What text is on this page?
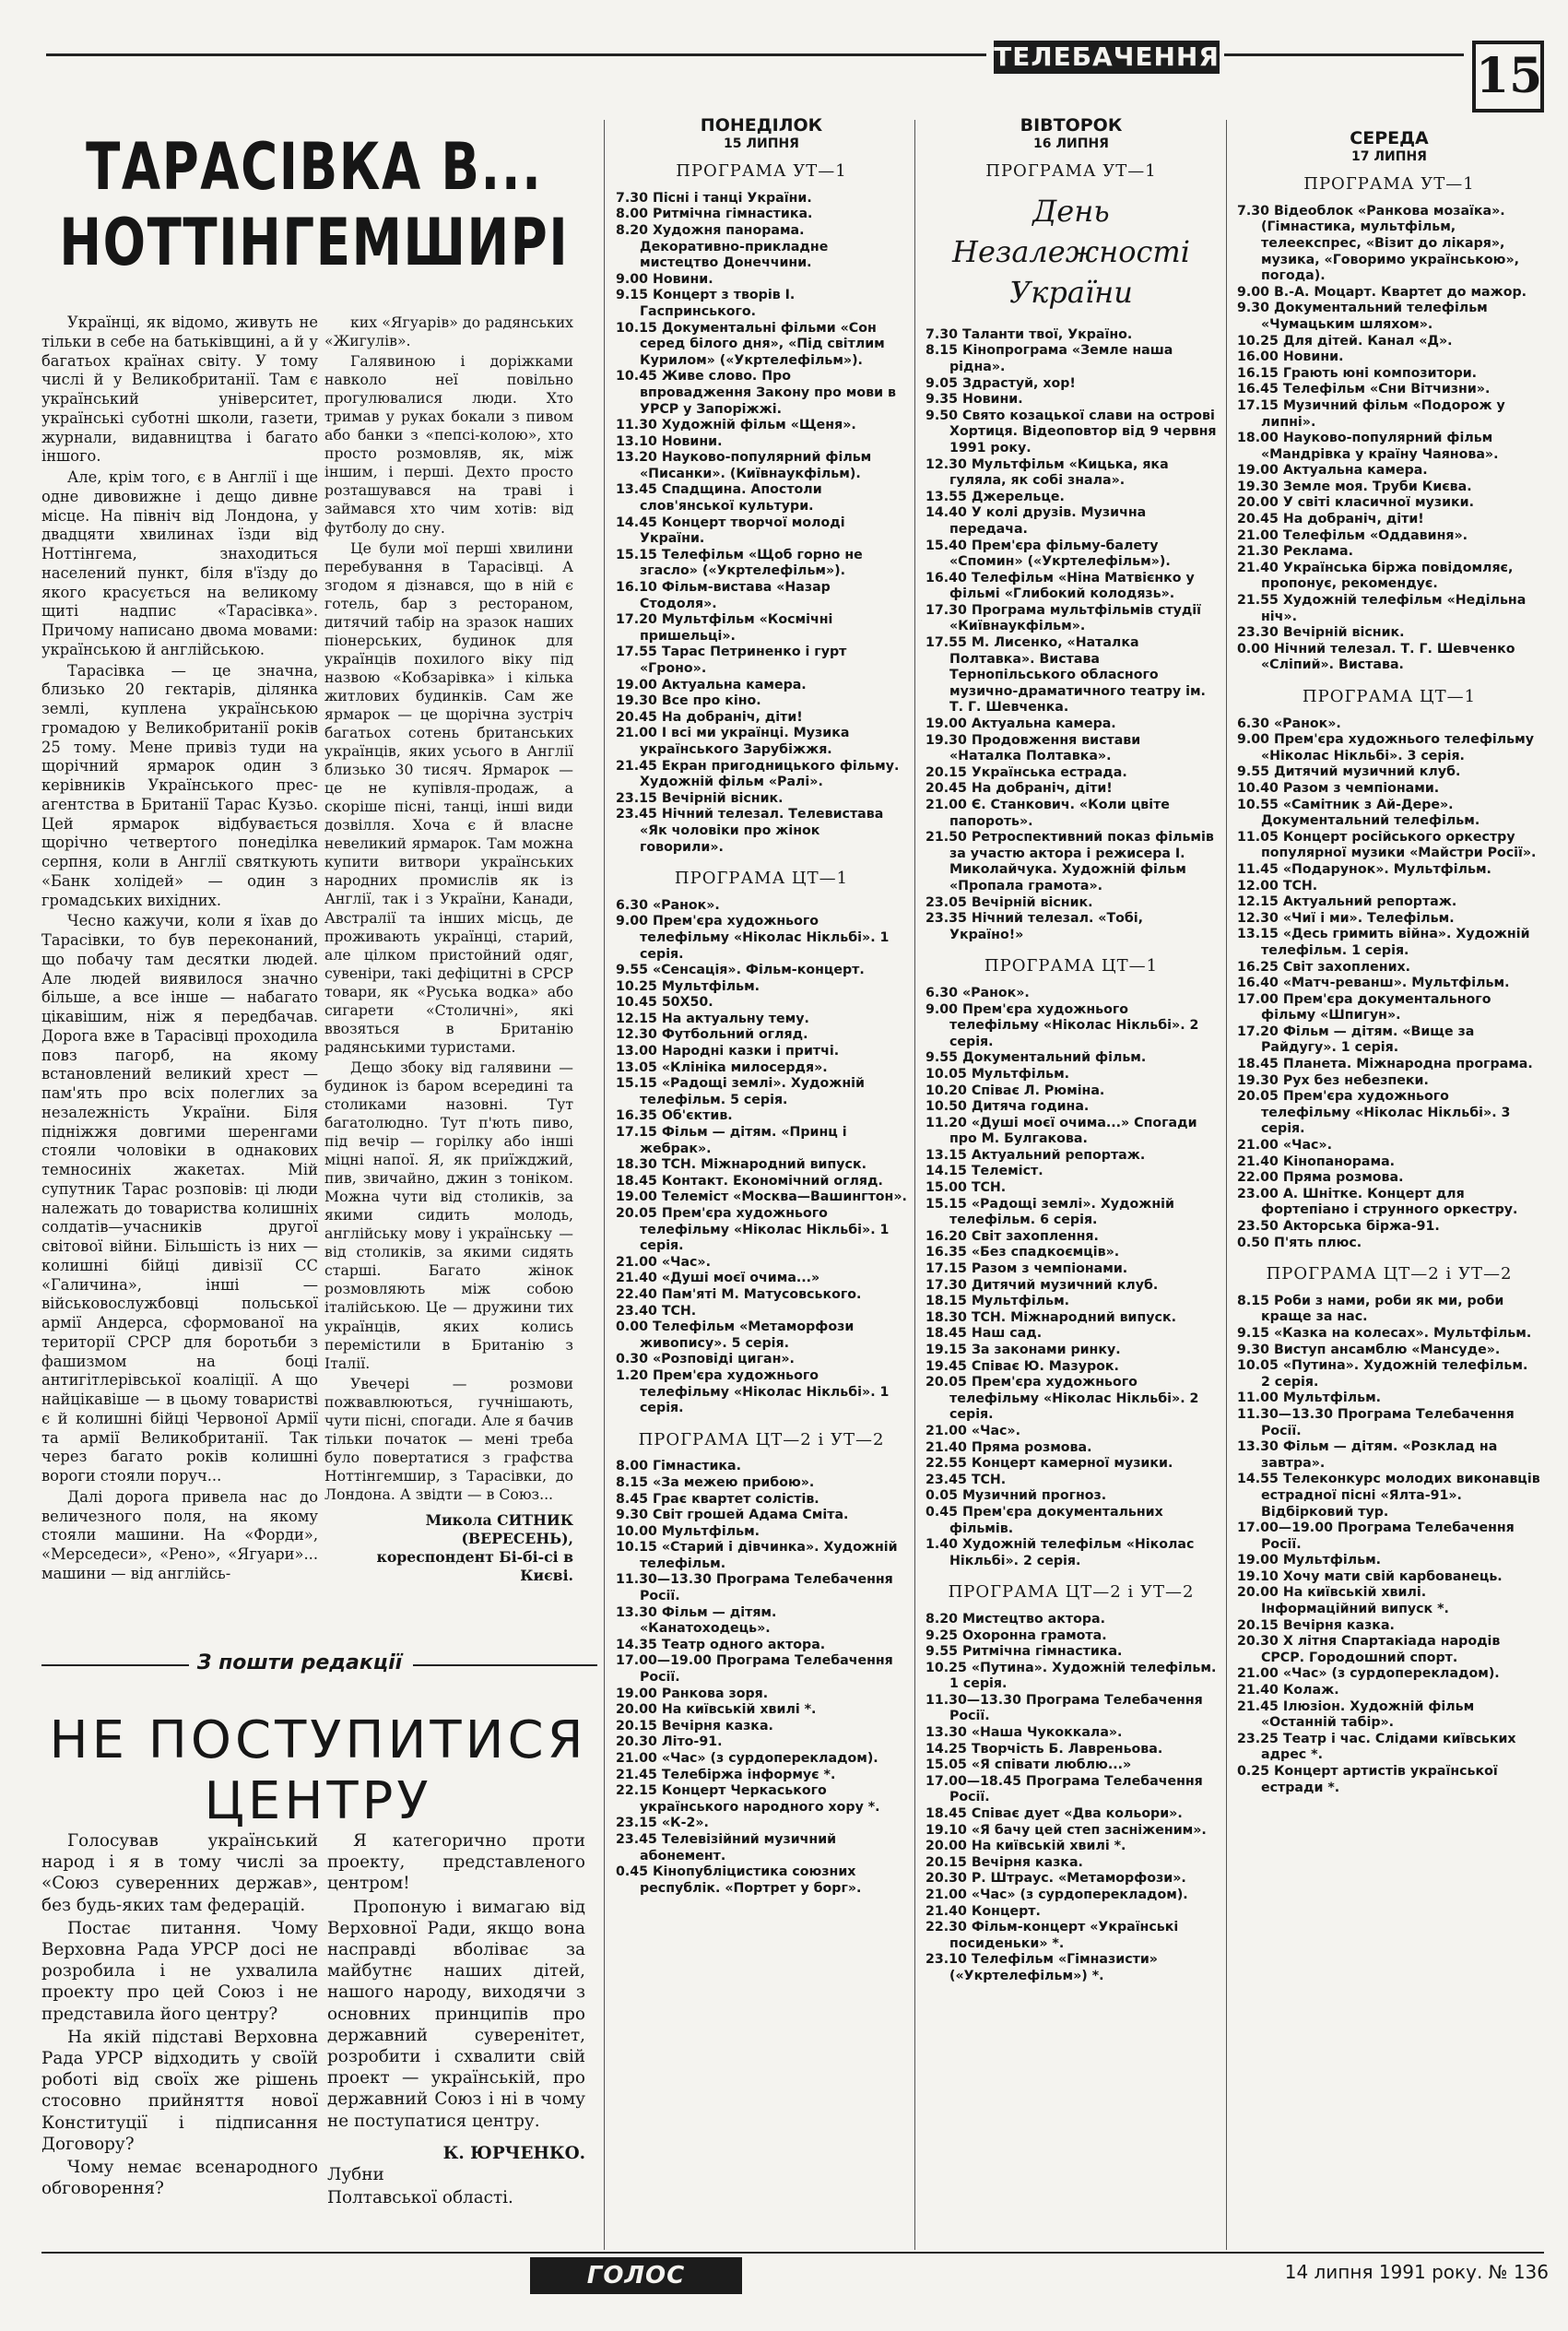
ТЕЛЕБАЧЕННЯ	15
ТАРАСІВКА В...
НОТТІНГЕМШИРІ

Українці, як відомо, живуть не тільки в себе на батьківщині, а й у багатьох країнах світу. У тому числі й у Великобританії. Там є український університет, українські суботні школи, газети, журнали, видавництва і багато іншого.

Але, крім того, є в Англії і ще одне дивовижне і дещо дивне місце. На північ від Лондона, у двадцяти хвилинах їзди від Ноттінгема, знаходиться населений пункт, біля в'їзду до якого красується на великому щиті надпис «Тарасівка». Причому написано двома мовами: українською й англійською.

Тарасівка — це значна, близько 20 гектарів, ділянка землі, куплена українською громадою у Великобританії років 25 тому. Мене привіз туди на щорічний ярмарок один з керівників Українського прес-агентства в Британії Тарас Кузьо. Цей ярмарок відбувається щорічно четвертого понеділка серпня, коли в Англії святкують «Банк холідей» — один з громадських вихідних.

Чесно кажучи, коли я їхав до Тарасівки, то був переконаний, що побачу там десятки людей. Але людей виявилося значно більше, а все інше — набагато цікавішим, ніж я передбачав. Дорога вже в Тарасівці проходила повз пагорб, на якому встановлений великий хрест — пам'ять про всіх полеглих за незалежність України. Біля підніжжя довгими шеренгами стояли чоловіки в однакових темносиніх жакетах. Мій супутник Тарас розповів: ці люди належать до товариства колишніх солдатів—учасників другої світової війни. Більшість із них — колишні бійці дивізії СС «Галичина», інші — військовослужбовці польської армії Андерса, сформованої на території СРСР для боротьби з фашизмом на боці антигітлерівської коаліції. А що найцікавіше — в цьому товаристві є й колишні бійці Червоної Армії та армії Великобританії. Так через багато років колишні вороги стояли поруч...

Далі дорога привела нас до величезного поля, на якому стояли машини. На «Форди», «Мерседеси», «Рено», «Ягуари»... машини — від англійсь-

ких «Ягуарів» до радянських «Жигулів».

Галявиною і доріжками навколо неї повільно прогулювалися люди. Хто тримав у руках бокали з пивом або банки з «пепсі-колою», хто просто розмовляв, як, між іншим, і перші. Дехто просто розташувався на траві і займався хто чим хотів: від футболу до сну.

Це були мої перші хвилини перебування в Тарасівці. А згодом я дізнався, що в ній є готель, бар з рестораном, дитячий табір на зразок наших піонерських, будинок для українців похилого віку під назвою «Кобзарівка» і кілька житлових будинків. Сам же ярмарок — це щорічна зустріч багатьох сотень британських українців, яких усього в Англії близько 30 тисяч. Ярмарок — це не купівля-продаж, а скоріше пісні, танці, інші види дозвілля. Хоча є й власне невеликий ярмарок. Там можна купити витвори українських народних промислів як із Англії, так і з України, Канади, Австралії та інших місць, де проживають українці, старий, але цілком пристойний одяг, сувеніри, такі дефіцитні в СРСР товари, як «Руська водка» або сигарети «Столичні», які ввозяться в Британію радянськими туристами.

Дещо збоку від галявини — будинок із баром всередині та столиками назовні. Тут багатолюдно. Тут п'ють пиво, під вечір — горілку або інші міцні напої. Я, як приїжджий, пив, звичайно, джин з тоніком. Можна чути від столиків, за якими сидить молодь, англійську мову і українську — від столиків, за якими сидять старші. Багато жінок розмовляють між собою італійською. Це — дружини тих українців, яких колись перемістили в Британію з Італії.

Увечері — розмови пожвавлюються, гучнішають, чути пісні, спогади. Але я бачив тільки початок — мені треба було повертатися з графства Ноттінгемшир, з Тарасівки, до Лондона. А звідти — в Союз...

Микола СИТНИК (ВЕРЕСЕНЬ),
кореспондент Бі-бі-сі в Києві.
З пошти редакції
НЕ ПОСТУПИТИСЯ
ЦЕНТРУ

Голосував український народ і я в тому числі за «Союз суверенних держав», без будь-яких там федерацій.

Постає питання. Чому Верховна Рада УРСР досі не розробила і не ухвалила проекту про цей Союз і не представила його центру?

На якій підставі Верховна Рада УРСР відходить у своїй роботі від своїх же рішень стосовно прийняття нової Конституції і підписання Договору?

Чому немає всенародного обговорення?

Я категорично проти проекту, представленого центром!

Пропоную і вимагаю від Верховної Ради, якщо вона насправді вболіває за майбутнє наших дітей, нашого народу, виходячи з основних принципів про державний суверенітет, розробити і схвалити свій проект — українській, про державний Союз і ні в чому не поступатися центру.

К. ЮРЧЕНКО.

Лубни

Полтавської області.

ПОНЕДІЛОК
15 ЛИПНЯ
ПРОГРАМА УТ—1
7.30 Пісні і танці України.
8.00 Ритмічна гімнастика.
8.20 Художня панорама. Декоративно-прикладне мистецтво Донеччини.
9.00 Новини.
9.15 Концерт з творів І. Гаспринського.
10.15 Документальні фільми «Сон серед білого дня», «Під світлим Курилом» («Укртелефільм»).
10.45 Живе слово. Про впровадження Закону про мови в УРСР у Запоріжжі.
11.30 Художній фільм «Щеня».
13.10 Новини.
13.20 Науково-популярний фільм «Писанки». (Київнаукфільм).
13.45 Спадщина. Апостоли слов'янської культури.
14.45 Концерт творчої молоді України.
15.15 Телефільм «Щоб горно не згасло» («Укртелефільм»).
16.10 Фільм-вистава «Назар Стодоля».
17.20 Мультфільм «Космічні пришельці».
17.55 Тарас Петриненко і гурт «Гроно».
19.00 Актуальна камера.
19.30 Все про кіно.
20.45 На добраніч, діти!
21.00 І всі ми українці. Музика українського Зарубіжжя.
21.45 Екран пригодницького фільму. Художній фільм «Ралі».
23.15 Вечірній вісник.
23.45 Нічний телезал. Телевистава «Як чоловіки про жінок говорили».
ПРОГРАМА ЦТ—1
6.30 «Ранок».
9.00 Прем'єра художнього телефільму «Ніколас Нікльбі». 1 серія.
9.55 «Сенсація». Фільм-концерт.
10.25 Мультфільм.
10.45 50Х50.
12.15 На актуальну тему.
12.30 Футбольний огляд.
13.00 Народні казки і притчі.
13.05 «Клініка милосердя».
15.15 «Радощі землі». Художній телефільм. 5 серія.
16.35 Об'єктив.
17.15 Фільм — дітям. «Принц і жебрак».
18.30 ТСН. Міжнародний випуск.
18.45 Контакт. Економічний огляд.
19.00 Телеміст «Москва—Вашингтон».
20.05 Прем'єра художнього телефільму «Ніколас Нікльбі». 1 серія.
21.00 «Час».
21.40 «Душі моєї очима...»
22.40 Пам'яті М. Матусовського.
23.40 ТСН.
0.00 Телефільм «Метаморфози живопису». 5 серія.
0.30 «Розповіді циган».
1.20 Прем'єра художнього телефільму «Ніколас Нікльбі». 1 серія.
ПРОГРАМА ЦТ—2 і УТ—2
8.00 Гімнастика.
8.15 «За межею прибою».
8.45 Грає квартет солістів.
9.30 Світ грошей Адама Сміта.
10.00 Мультфільм.
10.15 «Старий і дівчинка». Художній телефільм.
11.30—13.30 Програма Телебачення Росії.
13.30 Фільм — дітям. «Канатоходець».
14.35 Театр одного актора.
17.00—19.00 Програма Телебачення Росії.
19.00 Ранкова зоря.
20.00 На київській хвилі *.
20.15 Вечірня казка.
20.30 Літо-91.
21.00 «Час» (з сурдоперекладом).
21.45 Телебіржа інформує *.
22.15 Концерт Черкаського українського народного хору *.
23.15 «К-2».
23.45 Телевізійний музичний абонемент.
0.45 Кінопубліцистика союзних республік. «Портрет у борг».
ВІВТОРОК
16 ЛИПНЯ
ПРОГРАМА УТ—1
День Незалежності
України
7.30 Таланти твої, Україно.
8.15 Кінопрограма «Земле наша рідна».
9.05 Здрастуй, хор!
9.35 Новини.
9.50 Свято козацької слави на острові Хортиця. Відеоповтор від 9 червня 1991 року.
12.30 Мультфільм «Кицька, яка гуляла, як собі знала».
13.55 Джерельце.
14.40 У колі друзів. Музична передача.
15.40 Прем'єра фільму-балету «Спомин» («Укртелефільм»).
16.40 Телефільм «Ніна Матвієнко у фільмі «Глибокий колодязь».
17.30 Програма мультфільмів студії «Київнаукфільм».
17.55 М. Лисенко, «Наталка Полтавка». Вистава Тернопільського обласного музично-драматичного театру ім. Т. Г. Шевченка.
19.00 Актуальна камера.
19.30 Продовження вистави «Наталка Полтавка».
20.15 Українська естрада.
20.45 На добраніч, діти!
21.00 Є. Станкович. «Коли цвіте папороть».
21.50 Ретроспективний показ фільмів за участю актора і режисера І. Миколайчука. Художній фільм «Пропала грамота».
23.05 Вечірній вісник.
23.35 Нічний телезал. «Тобі, Україно!»
ПРОГРАМА ЦТ—1
6.30 «Ранок».
9.00 Прем'єра художнього телефільму «Ніколас Нікльбі». 2 серія.
9.55 Документальний фільм.
10.05 Мультфільм.
10.20 Співає Л. Рюміна.
10.50 Дитяча година.
11.20 «Душі моєї очима...» Спогади про М. Булгакова.
13.15 Актуальний репортаж.
14.15 Телеміст.
15.00 ТСН.
15.15 «Радощі землі». Художній телефільм. 6 серія.
16.20 Світ захоплення.
16.35 «Без спадкоємців».
17.15 Разом з чемпіонами.
17.30 Дитячий музичний клуб.
18.15 Мультфільм.
18.30 ТСН. Міжнародний випуск.
18.45 Наш сад.
19.15 За законами ринку.
19.45 Співає Ю. Мазурок.
20.05 Прем'єра художнього телефільму «Ніколас Нікльбі». 2 серія.
21.00 «Час».
21.40 Пряма розмова.
22.55 Концерт камерної музики.
23.45 ТСН.
0.05 Музичний прогноз.
0.45 Прем'єра документальних фільмів.
1.40 Художній телефільм «Ніколас Нікльбі». 2 серія.
ПРОГРАМА ЦТ—2 і УТ—2
8.20 Мистецтво актора.
9.25 Охоронна грамота.
9.55 Ритмічна гімнастика.
10.25 «Путина». Художній телефільм. 1 серія.
11.30—13.30 Програма Телебачення Росії.
13.30 «Наша Чукоккала».
14.25 Творчість Б. Лавреньова.
15.05 «Я співати люблю...»
17.00—18.45 Програма Телебачення Росії.
18.45 Співає дует «Два кольори».
19.10 «Я бачу цей степ засніженим».
20.00 На київській хвилі *.
20.15 Вечірня казка.
20.30 Р. Штраус. «Метаморфози».
21.00 «Час» (з сурдоперекладом).
21.40 Концерт.
22.30 Фільм-концерт «Українські посиденьки» *.
23.10 Телефільм «Гімназисти» («Укртелефільм») *.
СЕРЕДА
17 ЛИПНЯ
ПРОГРАМА УТ—1
7.30 Відеоблок «Ранкова мозаїка». (Гімнастика, мультфільм, телеекспрес, «Візит до лікаря», музика, «Говоримо українською», погода).
9.00 В.-А. Моцарт. Квартет до мажор.
9.30 Документальний телефільм «Чумацьким шляхом».
10.25 Для дітей. Канал «Д».
16.00 Новини.
16.15 Грають юні композитори.
16.45 Телефільм «Сни Вітчизни».
17.15 Музичний фільм «Подорож у липні».
18.00 Науково-популярний фільм «Мандрівка у країну Чаянова».
19.00 Актуальна камера.
19.30 Земле моя. Труби Києва.
20.00 У світі класичної музики.
20.45 На добраніч, діти!
21.00 Телефільм «Оддавиня».
21.30 Реклама.
21.40 Українська біржа повідомляє, пропонує, рекомендує.
21.55 Художній телефільм «Недільна ніч».
23.30 Вечірній вісник.
0.00 Нічний телезал. Т. Г. Шевченко «Сліпий». Вистава.
ПРОГРАМА ЦТ—1
6.30 «Ранок».
9.00 Прем'єра художнього телефільму «Ніколас Нікльбі». 3 серія.
9.55 Дитячий музичний клуб.
10.40 Разом з чемпіонами.
10.55 «Самітник з Ай-Дере». Документальний телефільм.
11.05 Концерт російського оркестру популярної музики «Майстри Росії».
11.45 «Подарунок». Мультфільм.
12.00 ТСН.
12.15 Актуальний репортаж.
12.30 «Чиї і ми». Телефільм.
13.15 «Десь гримить війна». Художній телефільм. 1 серія.
16.25 Світ захоплених.
16.40 «Матч-реванш». Мультфільм.
17.00 Прем'єра документального фільму «Шпигун».
17.20 Фільм — дітям. «Вище за Райдугу». 1 серія.
18.45 Планета. Міжнародна програма.
19.30 Рух без небезпеки.
20.05 Прем'єра художнього телефільму «Ніколас Нікльбі». 3 серія.
21.00 «Час».
21.40 Кінопанорама.
22.00 Пряма розмова.
23.00 А. Шнітке. Концерт для фортепіано і струнного оркестру.
23.50 Акторська біржа-91.
0.50 П'ять плюс.
ПРОГРАМА ЦТ—2 і УТ—2
8.15 Роби з нами, роби як ми, роби краще за нас.
9.15 «Казка на колесах». Мультфільм.
9.30 Виступ ансамблю «Мансуде».
10.05 «Путина». Художній телефільм. 2 серія.
11.00 Мультфільм.
11.30—13.30 Програма Телебачення Росії.
13.30 Фільм — дітям. «Розклад на завтра».
14.55 Телеконкурс молодих виконавців естрадної пісні «Ялта-91». Відбірковий тур.
17.00—19.00 Програма Телебачення Росії.
19.00 Мультфільм.
19.10 Хочу мати свій карбованець.
20.00 На київській хвилі. Інформаційний випуск *.
20.15 Вечірня казка.
20.30 X літня Спартакіада народів СРСР. Городошний спорт.
21.00 «Час» (з сурдоперекладом).
21.40 Колаж.
21.45 Ілюзіон. Художній фільм «Останній табір».
23.25 Театр і час. Слідами київських адрес *.
0.25 Концерт артистів української естради *.
ГОЛОС України
14 липня 1991 року. № 136
